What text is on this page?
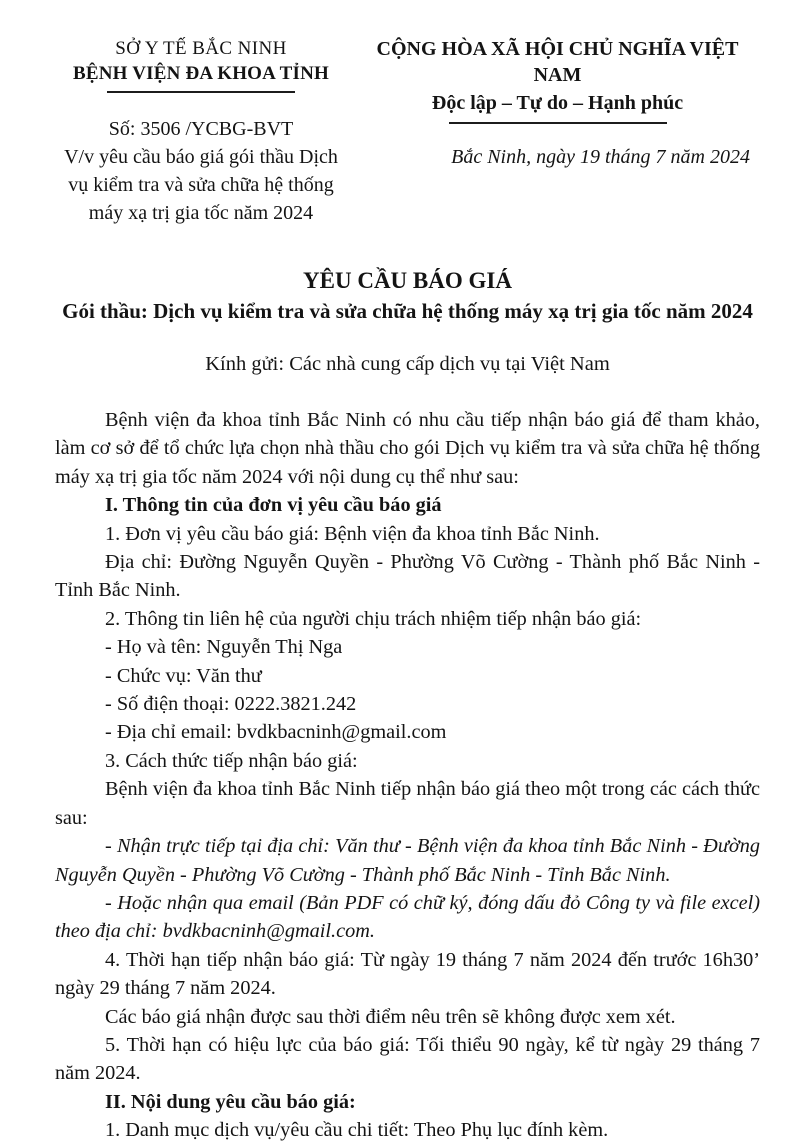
SỞ Y TẾ BẮC NINH
BỆNH VIỆN ĐA KHOA TỈNH
Số: 3506 /YCBG-BVT
V/v yêu cầu báo giá gói thầu Dịch vụ kiểm tra và sửa chữa hệ thống máy xạ trị gia tốc năm 2024
CỘNG HÒA XÃ HỘI CHỦ NGHĨA VIỆT NAM
Độc lập – Tự do – Hạnh phúc
Bắc Ninh, ngày 19 tháng 7 năm 2024
YÊU CẦU BÁO GIÁ
Gói thầu: Dịch vụ kiểm tra và sửa chữa hệ thống máy xạ trị gia tốc năm 2024
Kính gửi: Các nhà cung cấp dịch vụ tại Việt Nam

Bệnh viện đa khoa tỉnh Bắc Ninh có nhu cầu tiếp nhận báo giá để tham khảo, làm cơ sở để tổ chức lựa chọn nhà thầu cho gói Dịch vụ kiểm tra và sửa chữa hệ thống máy xạ trị gia tốc năm 2024 với nội dung cụ thể như sau:

I. Thông tin của đơn vị yêu cầu báo giá

1. Đơn vị yêu cầu báo giá: Bệnh viện đa khoa tỉnh Bắc Ninh.

Địa chỉ: Đường Nguyễn Quyền - Phường Võ Cường - Thành phố Bắc Ninh - Tỉnh Bắc Ninh.

2. Thông tin liên hệ của người chịu trách nhiệm tiếp nhận báo giá:

- Họ và tên: Nguyễn Thị Nga

- Chức vụ: Văn thư

- Số điện thoại: 0222.3821.242

- Địa chỉ email: bvdkbacninh@gmail.com

3. Cách thức tiếp nhận báo giá:

Bệnh viện đa khoa tỉnh Bắc Ninh tiếp nhận báo giá theo một trong các cách thức sau:

- Nhận trực tiếp tại địa chỉ: Văn thư - Bệnh viện đa khoa tỉnh Bắc Ninh - Đường Nguyễn Quyền - Phường Võ Cường - Thành phố Bắc Ninh - Tỉnh Bắc Ninh.

- Hoặc nhận qua email (Bản PDF có chữ ký, đóng dấu đỏ Công ty và file excel) theo địa chỉ: bvdkbacninh@gmail.com.

4. Thời hạn tiếp nhận báo giá: Từ ngày 19 tháng 7 năm 2024 đến trước 16h30’ ngày 29 tháng 7 năm 2024.

Các báo giá nhận được sau thời điểm nêu trên sẽ không được xem xét.

5. Thời hạn có hiệu lực của báo giá: Tối thiểu 90 ngày, kể từ ngày 29 tháng 7 năm 2024.

II. Nội dung yêu cầu báo giá:

1. Danh mục dịch vụ/yêu cầu chi tiết: Theo Phụ lục đính kèm.
